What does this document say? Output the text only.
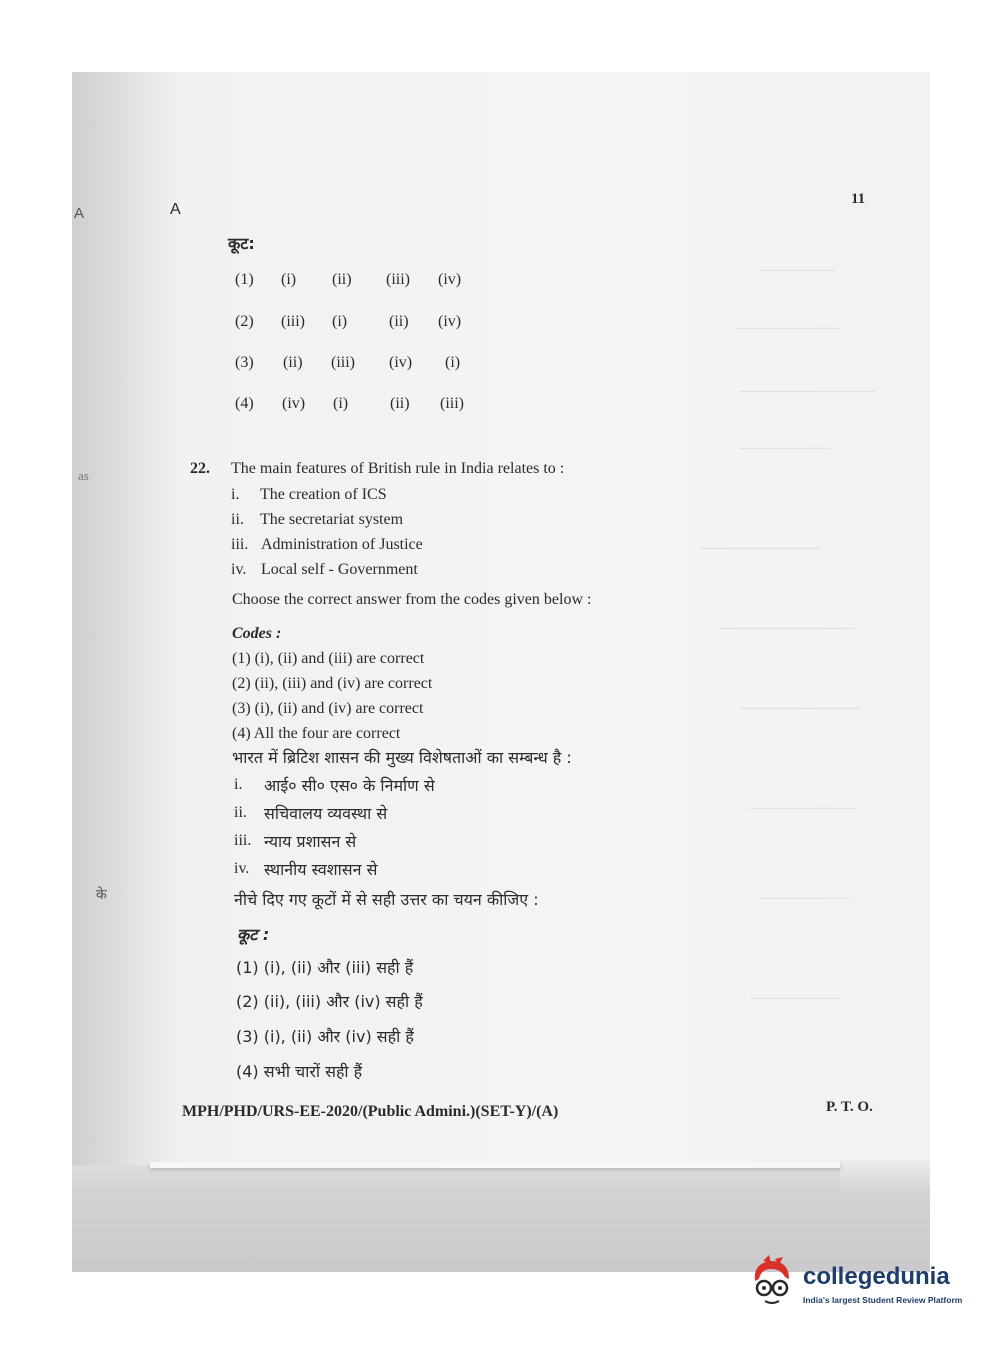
―――――
―――――――
―――――――――
――――――
――――――――
―――――――――
――――――――
―――――――
――――――
――――――
A	A
11
as
के
कूट:
(1) (i) (ii) (iii) (iv)
(2) (iii) (i)	(ii) (iv)
(3) (ii) (iii) (iv) (i)
(4) (iv) (i)	(ii) (iii)
22. The main features of British rule in India relates to :
i. The creation of ICS
ii. The secretariat system
iii. Administration of Justice
iv. Local self - Government
Choose the correct answer from the codes given below :
Codes :
(1) (i), (ii) and (iii) are correct
(2) (ii), (iii) and (iv) are correct
(3) (i), (ii) and (iv) are correct
(4) All the four are correct
भारत में ब्रिटिश शासन की मुख्य विशेषताओं का सम्बन्ध है :
i. आई० सी० एस० के निर्माण से
ii. सचिवालय व्यवस्था से
iii. न्याय प्रशासन से
iv. स्थानीय स्वशासन से
नीचे दिए गए कूटों में से सही उत्तर का चयन कीजिए :
कूट :
(1) (i), (ii) और (iii) सही हैं
(2) (ii), (iii) और (iv) सही हैं
(3) (i), (ii) और (iv) सही हैं
(4) सभी चारों सही हैं
MPH/PHD/URS-EE-2020/(Public Admini.)(SET-Y)/(A)	P. T. O.
collegedunia
India's largest Student Review Platform
